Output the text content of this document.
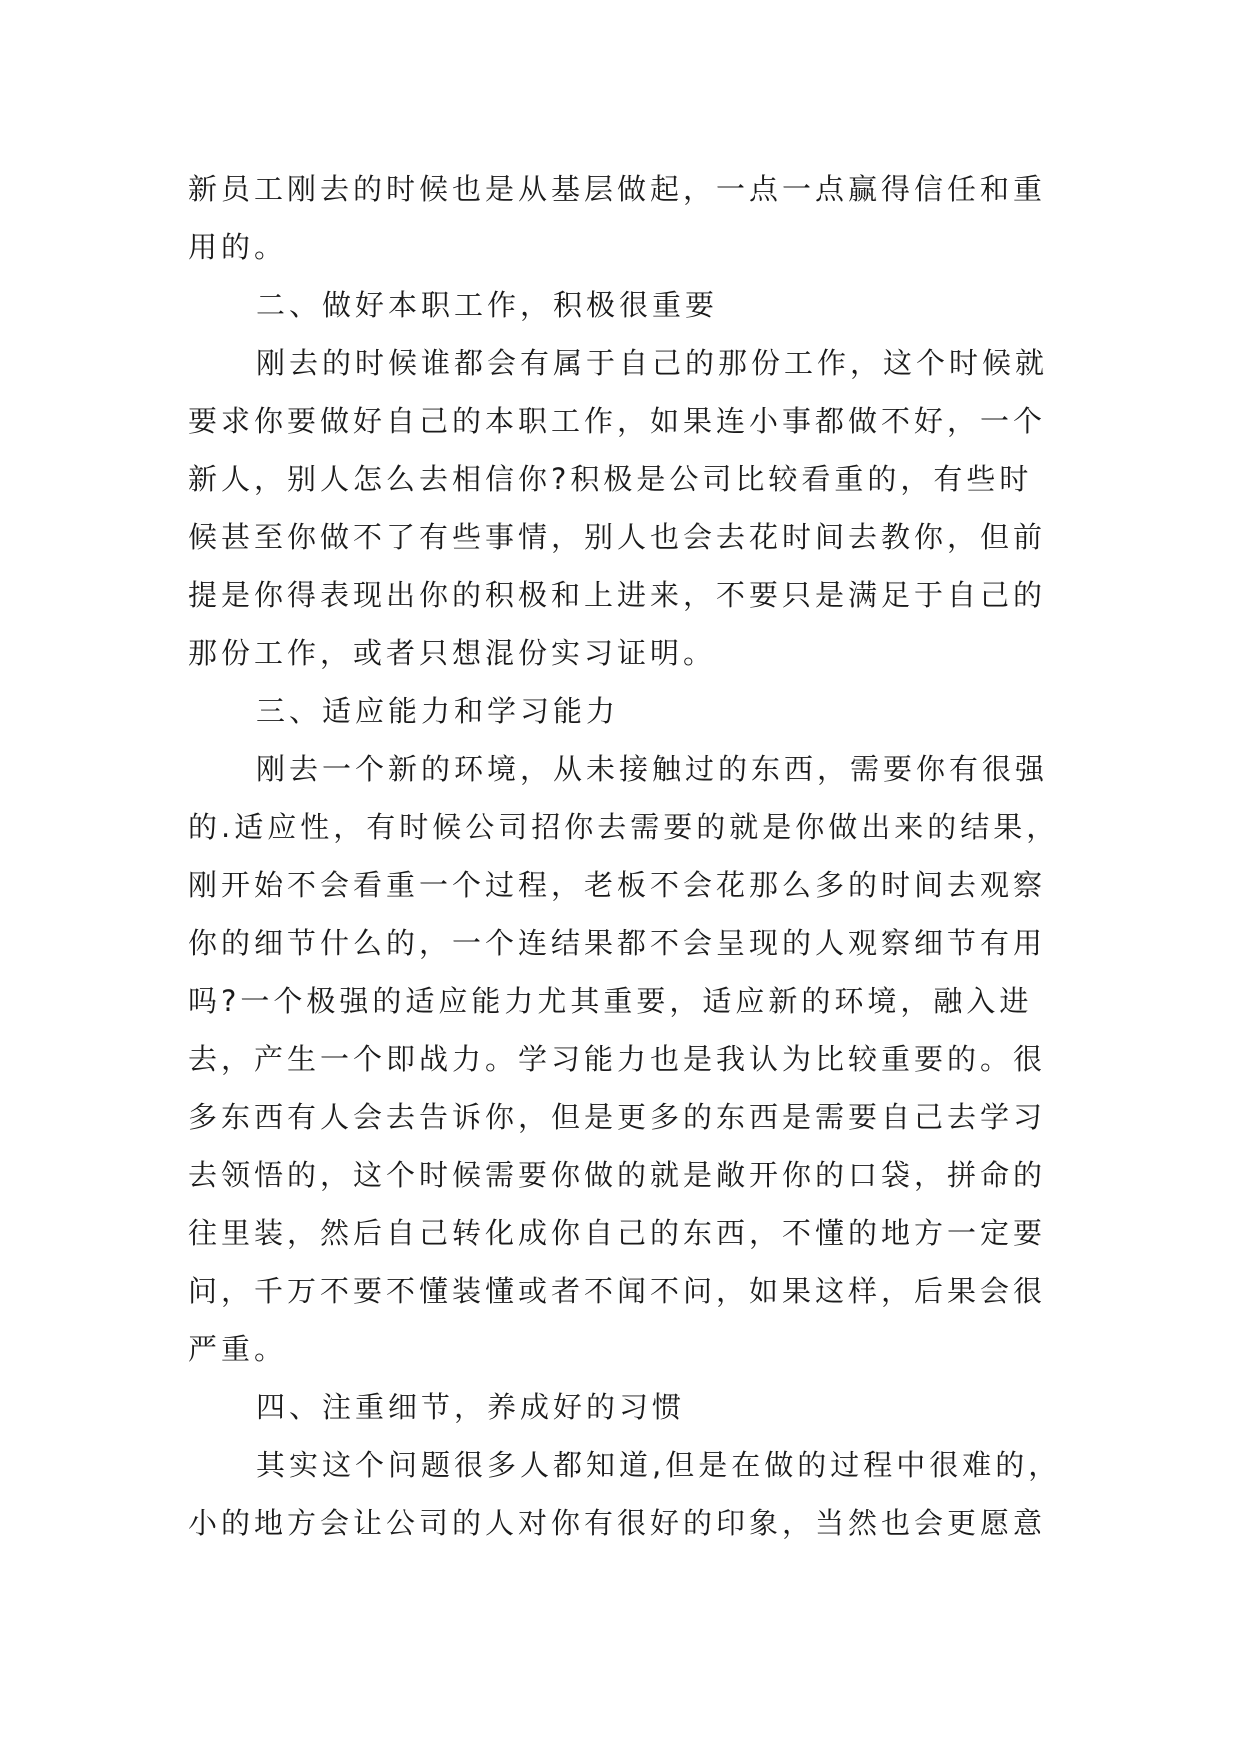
新员工刚去的时候也是从基层做起，一点一点赢得信任和重
用的。
二、做好本职工作，积极很重要
刚去的时候谁都会有属于自己的那份工作，这个时候就
要求你要做好自己的本职工作，如果连小事都做不好，一个
新人，别人怎么去相信你?积极是公司比较看重的，有些时
候甚至你做不了有些事情，别人也会去花时间去教你，但前
提是你得表现出你的积极和上进来，不要只是满足于自己的
那份工作，或者只想混份实习证明。
三、适应能力和学习能力
刚去一个新的环境，从未接触过的东西，需要你有很强
的.适应性，有时候公司招你去需要的就是你做出来的结果，
刚开始不会看重一个过程，老板不会花那么多的时间去观察
你的细节什么的，一个连结果都不会呈现的人观察细节有用
吗?一个极强的适应能力尤其重要，适应新的环境，融入进
去，产生一个即战力。学习能力也是我认为比较重要的。很
多东西有人会去告诉你，但是更多的东西是需要自己去学习
去领悟的，这个时候需要你做的就是敞开你的口袋，拼命的
往里装，然后自己转化成你自己的东西，不懂的地方一定要
问，千万不要不懂装懂或者不闻不问，如果这样，后果会很
严重。
四、注重细节，养成好的习惯
其实这个问题很多人都知道,但是在做的过程中很难的，
小的地方会让公司的人对你有很好的印象，当然也会更愿意
